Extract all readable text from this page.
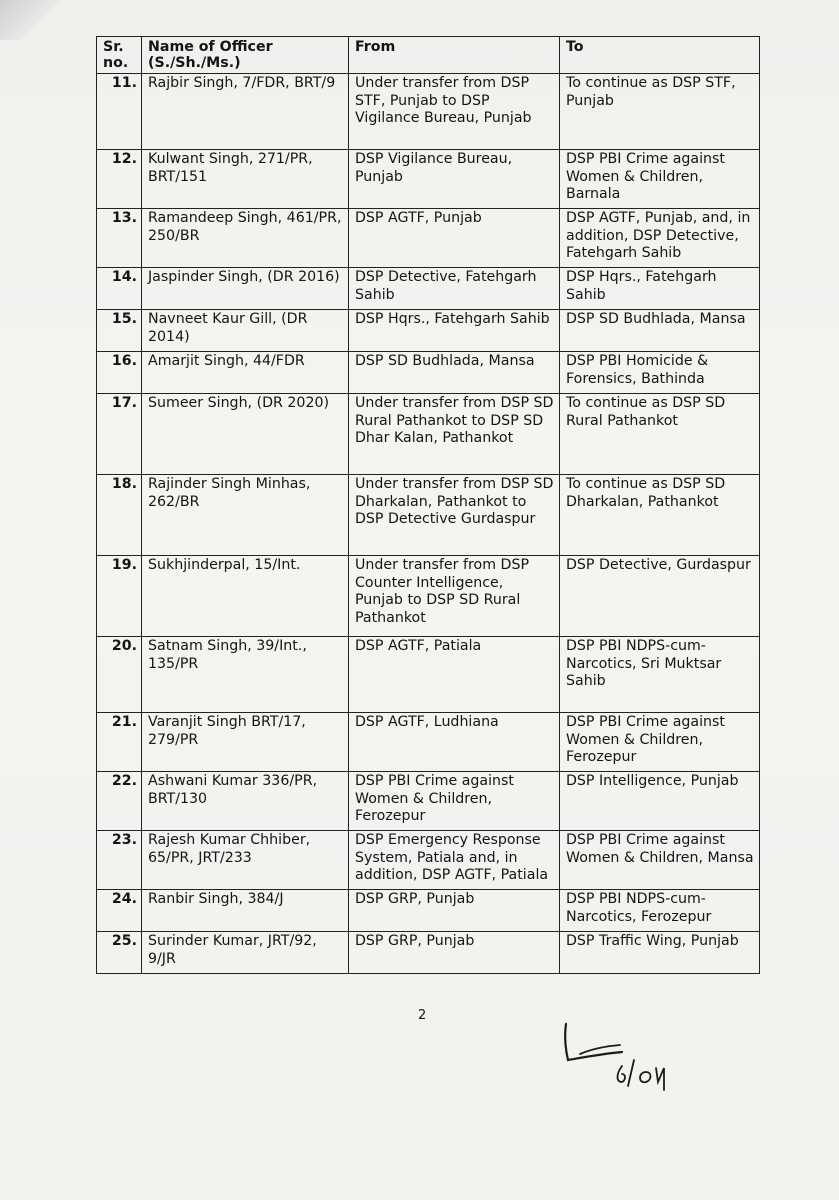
Sr. no.	Name of Officer (S./Sh./Ms.)	From	To
11.	Rajbir Singh, 7/FDR, BRT/9	Under transfer from DSP STF, Punjab to DSP Vigilance Bureau, Punjab	To continue as DSP STF, Punjab
12.	Kulwant Singh, 271/PR, BRT/151	DSP Vigilance Bureau, Punjab	DSP PBI Crime against Women & Children, Barnala
13.	Ramandeep Singh, 461/PR, 250/BR	DSP AGTF, Punjab	DSP AGTF, Punjab, and, in addition, DSP Detective, Fatehgarh Sahib
14.	Jaspinder Singh, (DR 2016)	DSP Detective, Fatehgarh Sahib	DSP Hqrs., Fatehgarh Sahib
15.	Navneet Kaur Gill, (DR 2014)	DSP Hqrs., Fatehgarh Sahib	DSP SD Budhlada, Mansa
16.	Amarjit Singh, 44/FDR	DSP SD Budhlada, Mansa	DSP PBI Homicide & Forensics, Bathinda
17.	Sumeer Singh, (DR 2020)	Under transfer from DSP SD Rural Pathankot to DSP SD Dhar Kalan, Pathankot	To continue as DSP SD Rural Pathankot
18.	Rajinder Singh Minhas, 262/BR	Under transfer from DSP SD Dharkalan, Pathankot to DSP Detective Gurdaspur	To continue as DSP SD Dharkalan, Pathankot
19.	Sukhjinderpal, 15/Int.	Under transfer from DSP Counter Intelligence, Punjab to DSP SD Rural Pathankot	DSP Detective, Gurdaspur
20.	Satnam Singh, 39/Int., 135/PR	DSP AGTF, Patiala	DSP PBI NDPS-cum-Narcotics, Sri Muktsar Sahib
21.	Varanjit Singh BRT/17, 279/PR	DSP AGTF, Ludhiana	DSP PBI Crime against Women & Children, Ferozepur
22.	Ashwani Kumar 336/PR, BRT/130	DSP PBI Crime against Women & Children, Ferozepur	DSP Intelligence, Punjab
23.	Rajesh Kumar Chhiber, 65/PR, JRT/233	DSP Emergency Response System, Patiala and, in addition, DSP AGTF, Patiala	DSP PBI Crime against Women & Children, Mansa
24.	Ranbir Singh, 384/J	DSP GRP, Punjab	DSP PBI NDPS-cum-Narcotics, Ferozepur
25.	Surinder Kumar, JRT/92, 9/JR	DSP GRP, Punjab	DSP Traffic Wing, Punjab
2
